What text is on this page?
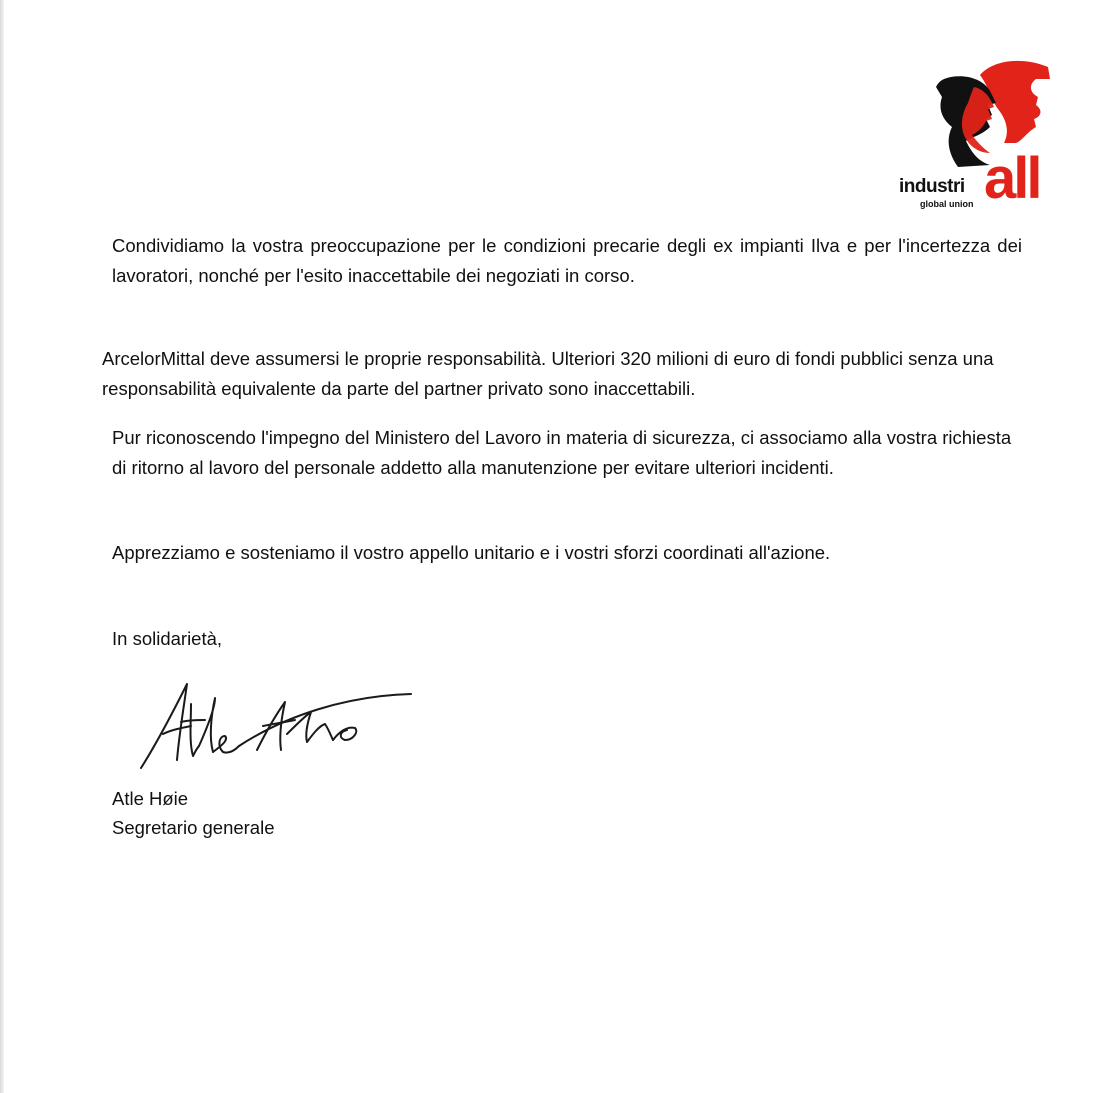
industri all
global union

Condividiamo la vostra preoccupazione per le condizioni precarie degli ex impianti Ilva e per l'incertezza dei lavoratori, nonché per l'esito inaccettabile dei negoziati in corso.

ArcelorMittal deve assumersi le proprie responsabilità. Ulteriori 320 milioni di euro di fondi pubblici senza una responsabilità equivalente da parte del partner privato sono inaccettabili.

Pur riconoscendo l'impegno del Ministero del Lavoro in materia di sicurezza, ci associamo alla vostra richiesta di ritorno al lavoro del personale addetto alla manutenzione per evitare ulteriori incidenti.

Apprezziamo e sosteniamo il vostro appello unitario e i vostri sforzi coordinati all'azione.

In solidarietà,

Atle Høie

Segretario generale
